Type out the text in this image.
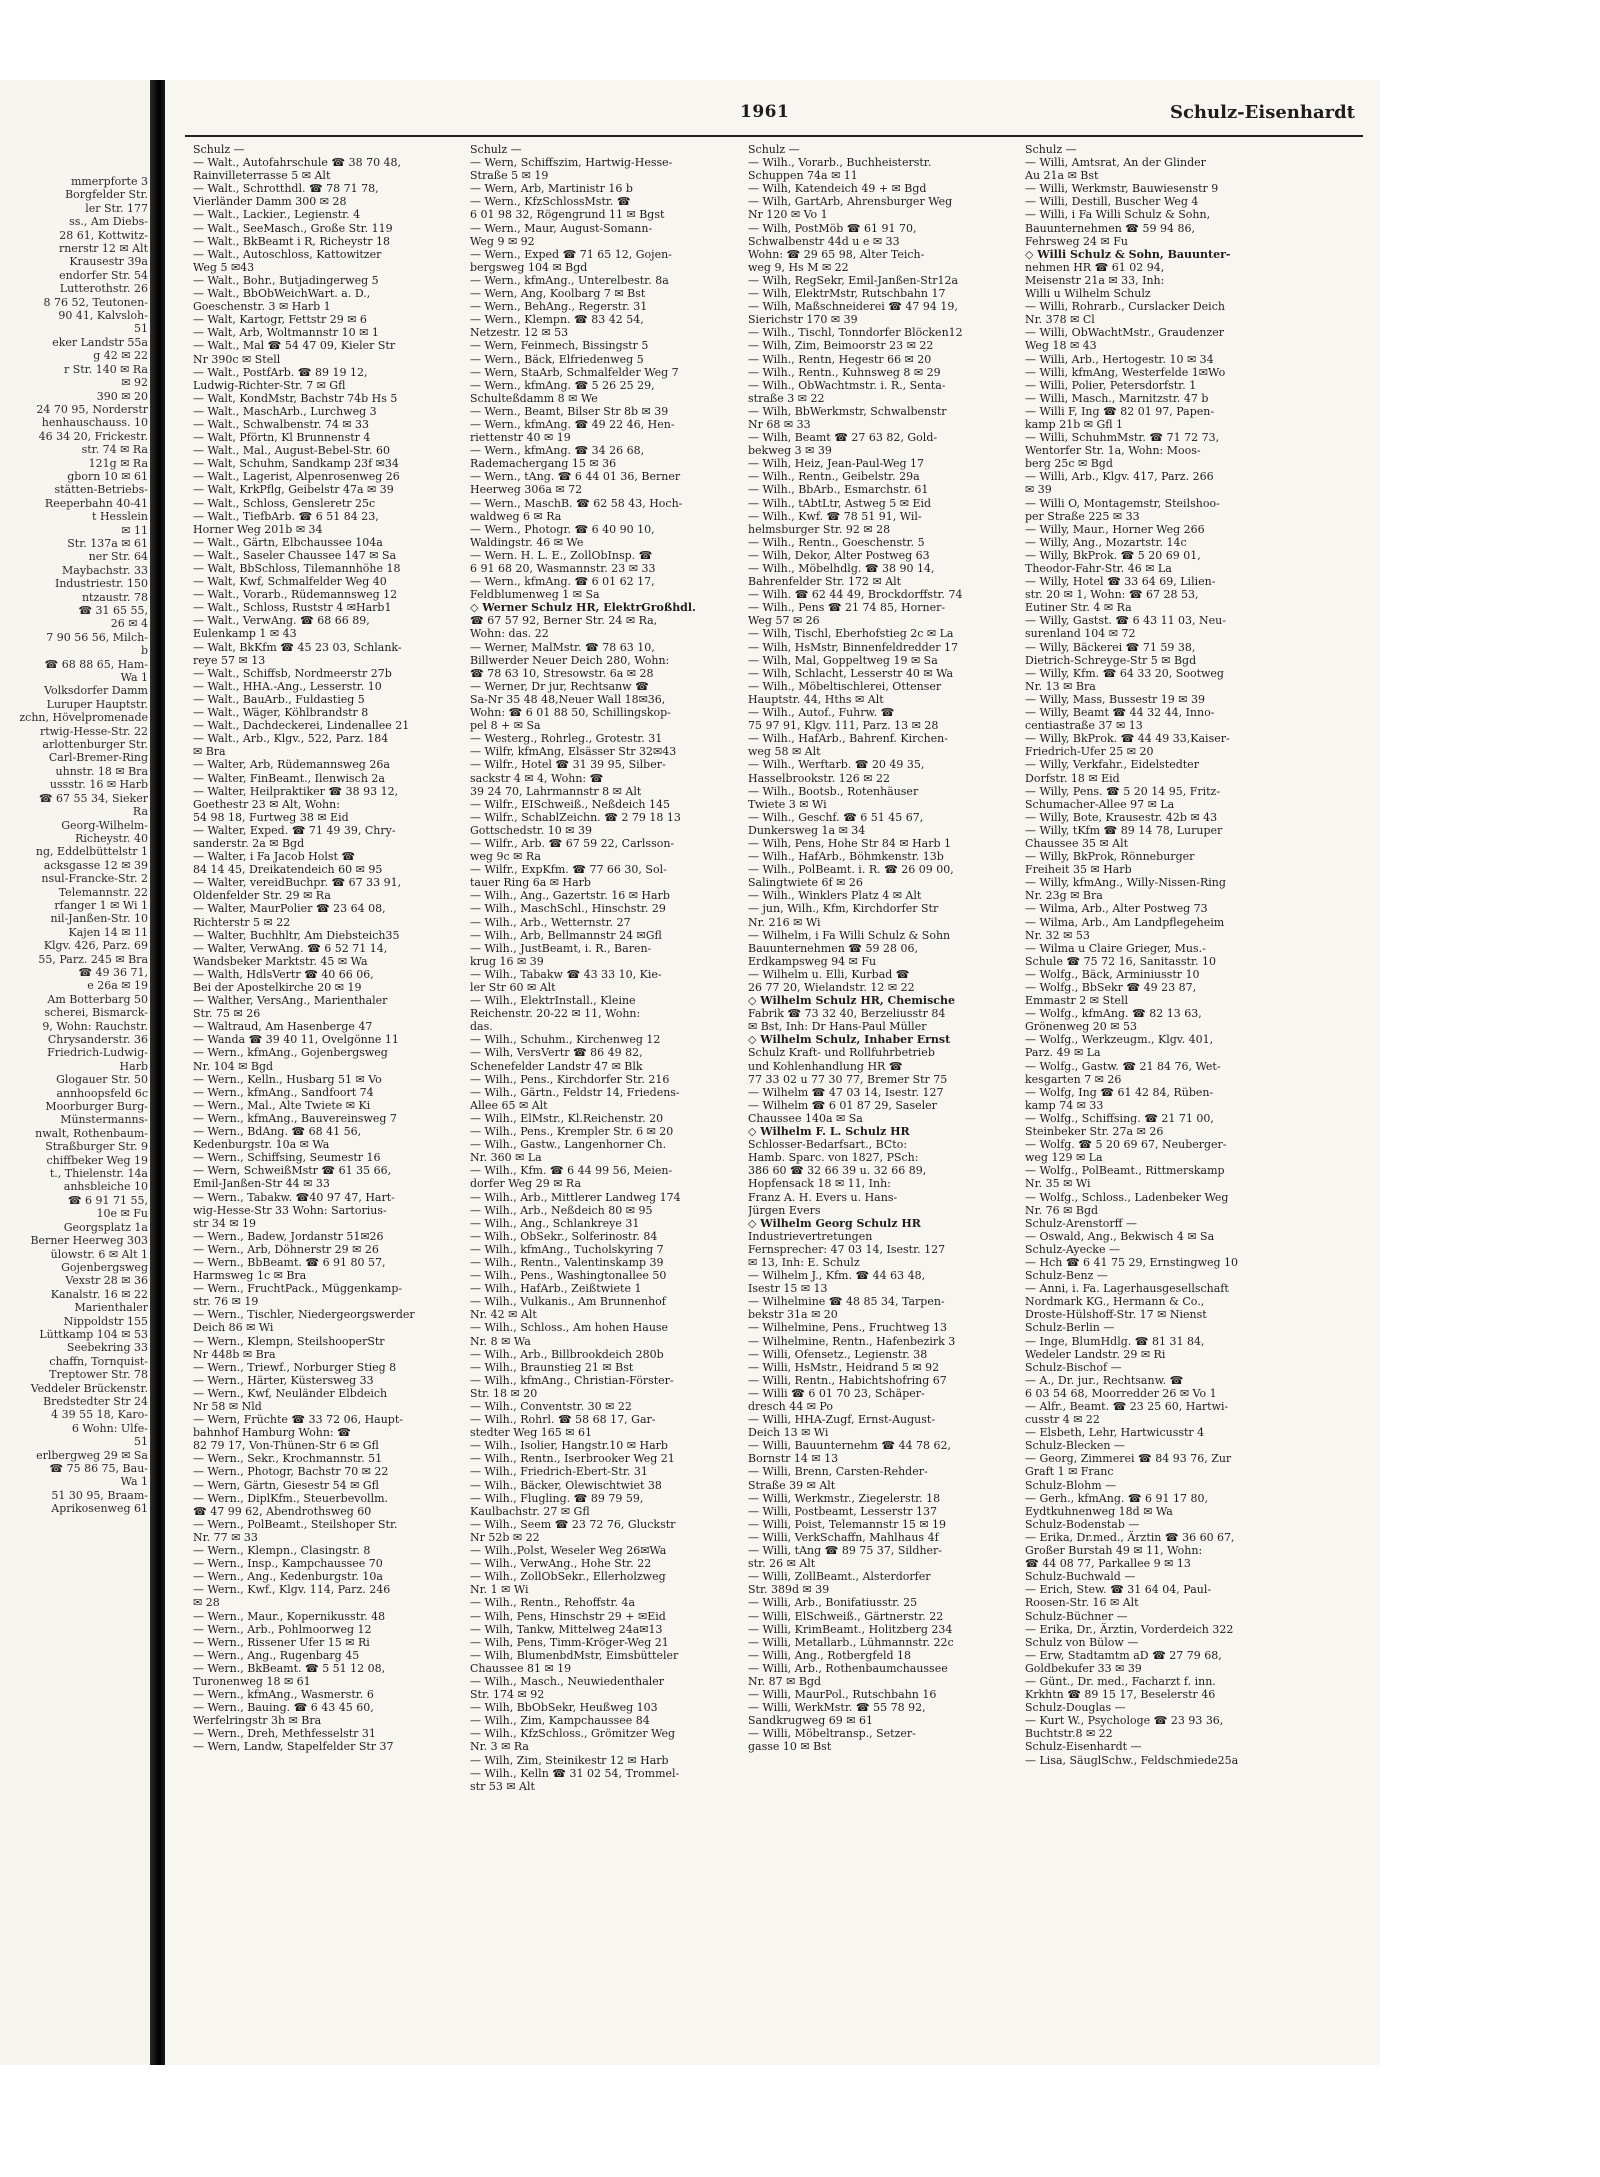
mmerpforte 3
Borgfelder Str.
ler Str. 177
ss., Am Diebs-
28 61, Kottwitz-
rnerstr 12 ✉ Alt
Krausestr 39a
endorfer Str. 54
Lutterothstr. 26
8 76 52, Teutonen-
90 41, Kalvsloh-
51
eker Landstr 55a
g 42 ✉ 22
r Str. 140 ✉ Ra
✉ 92
390 ✉ 20
24 70 95, Norderstr
henhauschauss. 10
46 34 20, Frickestr.
str. 74 ✉ Ra
121g ✉ Ra
gborn 10 ✉ 61
stätten-Betriebs-
Reeperbahn 40-41
t Hesslein
✉ 11
Str. 137a ✉ 61
ner Str. 64
Maybachstr. 33
Industriestr. 150
ntzaustr. 78
☎ 31 65 55,
26 ✉ 4
7 90 56 56, Milch-
b
☎ 68 88 65, Ham-
Wa 1
Volksdorfer Damm
Luruper Hauptstr.
zchn, Hövelpromenade
rtwig-Hesse-Str. 22
arlottenburger Str.
Carl-Bremer-Ring
uhnstr. 18 ✉ Bra
ussstr. 16 ✉ Harb
☎ 67 55 34, Sieker
Ra
Georg-Wilhelm-
Richeystr. 40
ng, Eddelbüttelstr 1
acksgasse 12 ✉ 39
nsul-Francke-Str. 2
Telemannstr. 22
rfanger 1 ✉ Wi 1
nil-Janßen-Str. 10
Kajen 14 ✉ 11
Klgv. 426, Parz. 69
55, Parz. 245 ✉ Bra
☎ 49 36 71,
e 26a ✉ 19
Am Botterbarg 50
scherei, Bismarck-
9, Wohn: Rauchstr.
Chrysanderstr. 36
Friedrich-Ludwig-
Harb
Glogauer Str. 50
annhoopsfeld 6c
Moorburger Burg-
Münstermanns-
nwalt, Rothenbaum-
Straßburger Str. 9
chiffbeker Weg 19
t., Thielenstr. 14a
anhsbleiche 10
☎ 6 91 71 55,
10e ✉ Fu
Georgsplatz 1a
Berner Heerweg 303
ülowstr. 6 ✉ Alt 1
Gojenbergsweg
Vexstr 28 ✉ 36
Kanalstr. 16 ✉ 22
Marienthaler
Nippoldstr 155
Lüttkamp 104 ✉ 53
Seebekring 33
chaffn, Tornquist-
Treptower Str. 78
Veddeler Brückenstr.
Bredstedter Str 24
4 39 55 18, Karo-
6 Wohn: Ulfe-
51
erlbergweg 29 ✉ Sa
☎ 75 86 75, Bau-
Wa 1
51 30 95, Braam-
Aprikosenweg 61
1961	Schulz-Eisenhardt
Schulz —
— Walt., Autofahrschule ☎ 38 70 48,
Rainvilleterrasse 5 ✉ Alt
— Walt., Schrotthdl. ☎ 78 71 78,
Vierländer Damm 300 ✉ 28
— Walt., Lackier., Legienstr. 4
— Walt., SeeMasch., Große Str. 119
— Walt., BkBeamt i R, Richeystr 18
— Walt., Autoschloss, Kattowitzer
Weg 5 ✉43
— Walt., Bohr., Butjadingerweg 5
— Walt., BbObWeichWart. a. D.,
Goeschenstr. 3 ✉ Harb 1
— Walt, Kartogr, Fettstr 29 ✉ 6
— Walt, Arb, Woltmannstr 10 ✉ 1
— Walt., Mal ☎ 54 47 09, Kieler Str
Nr 390c ✉ Stell
— Walt., PostfArb. ☎ 89 19 12,
Ludwig-Richter-Str. 7 ✉ Gfl
— Walt, KondMstr, Bachstr 74b Hs 5
— Walt., MaschArb., Lurchweg 3
— Walt., Schwalbenstr. 74 ✉ 33
— Walt, Pförtn, Kl Brunnenstr 4
— Walt., Mal., August-Bebel-Str. 60
— Walt, Schuhm, Sandkamp 23f ✉34
— Walt., Lagerist, Alpenrosenweg 26
— Walt, KrkPflg, Geibelstr 47a ✉ 39
— Walt., Schloss, Gensleretr 25c
— Walt., TiefbArb. ☎ 6 51 84 23,
Horner Weg 201b ✉ 34
— Walt., Gärtn, Elbchaussee 104a
— Walt., Saseler Chaussee 147 ✉ Sa
— Walt, BbSchloss, Tilemannhöhe 18
— Walt, Kwf, Schmalfelder Weg 40
— Walt., Vorarb., Rüdemannsweg 12
— Walt., Schloss, Ruststr 4 ✉Harb1
— Walt., VerwAng. ☎ 68 66 89,
Eulenkamp 1 ✉ 43
— Walt, BkKfm ☎ 45 23 03, Schlank-
reye 57 ✉ 13
— Walt., Schiffsb, Nordmeerstr 27b
— Walt., HHA.-Ang., Lesserstr. 10
— Walt., BauArb., Fuldastieg 5
— Walt., Wäger, Köhlbrandstr 8
— Walt., Dachdeckerei, Lindenallee 21
— Walt., Arb., Klgv., 522, Parz. 184
✉ Bra
— Walter, Arb, Rüdemannsweg 26a
— Walter, FinBeamt., Ilenwisch 2a
— Walter, Heilpraktiker ☎ 38 93 12,
Goethestr 23 ✉ Alt, Wohn:
54 98 18, Furtweg 38 ✉ Eid
— Walter, Exped. ☎ 71 49 39, Chry-
sanderstr. 2a ✉ Bgd
— Walter, i Fa Jacob Holst ☎
84 14 45, Dreikatendeich 60 ✉ 95
— Walter, vereidBuchpr. ☎ 67 33 91,
Oldenfelder Str. 29 ✉ Ra
— Walter, MaurPolier ☎ 23 64 08,
Richterstr 5 ✉ 22
— Walter, Buchhltr, Am Diebsteich35
— Walter, VerwAng. ☎ 6 52 71 14,
Wandsbeker Marktstr. 45 ✉ Wa
— Walth, HdlsVertr ☎ 40 66 06,
Bei der Apostelkirche 20 ✉ 19
— Walther, VersAng., Marienthaler
Str. 75 ✉ 26
— Waltraud, Am Hasenberge 47
— Wanda ☎ 39 40 11, Ovelgönne 11
— Wern., kfmAng., Gojenbergsweg
Nr. 104 ✉ Bgd
— Wern., Kelln., Husbarg 51 ✉ Vo
— Wern., kfmAng., Sandfoort 74
— Wern., Mal., Alte Twiete ✉ Ki
— Wern., kfmAng., Bauvereinsweg 7
— Wern., BdAng. ☎ 68 41 56,
Kedenburgstr. 10a ✉ Wa
— Wern., Schiffsing, Seumestr 16
— Wern, SchweißMstr ☎ 61 35 66,
Emil-Janßen-Str 44 ✉ 33
— Wern., Tabakw. ☎40 97 47, Hart-
wig-Hesse-Str 33 Wohn: Sartorius-
str 34 ✉ 19
— Wern., Badew, Jordanstr 51✉26
— Wern., Arb, Döhnerstr 29 ✉ 26
— Wern., BbBeamt. ☎ 6 91 80 57,
Harmsweg 1c ✉ Bra
— Wern., FruchtPack., Müggenkamp-
str. 76 ✉ 19
— Wern., Tischler, Niedergeorgswerder
Deich 86 ✉ Wi
— Wern., Klempn, SteilshooperStr
Nr 448b ✉ Bra
— Wern., Triewf., Norburger Stieg 8
— Wern., Härter, Küstersweg 33
— Wern., Kwf, Neuländer Elbdeich
Nr 58 ✉ Nld
— Wern, Früchte ☎ 33 72 06, Haupt-
bahnhof Hamburg Wohn: ☎
82 79 17, Von-Thünen-Str 6 ✉ Gfl
— Wern., Sekr., Krochmannstr. 51
— Wern., Photogr, Bachstr 70 ✉ 22
— Wern, Gärtn, Giesestr 54 ✉ Gfl
— Wern., DiplKfm., Steuerbevollm.
☎ 47 99 62, Abendrothsweg 60
— Wern., PolBeamt., Steilshoper Str.
Nr. 77 ✉ 33
— Wern., Klempn., Clasingstr. 8
— Wern., Insp., Kampchaussee 70
— Wern., Ang., Kedenburgstr. 10a
— Wern., Kwf., Klgv. 114, Parz. 246
✉ 28
— Wern., Maur., Kopernikusstr. 48
— Wern., Arb., Pohlmoorweg 12
— Wern., Rissener Ufer 15 ✉ Ri
— Wern., Ang., Rugenbarg 45
— Wern., BkBeamt. ☎ 5 51 12 08,
Turonenweg 18 ✉ 61
— Wern., kfmAng., Wasmerstr. 6
— Wern., Bauing. ☎ 6 43 45 60,
Werfelringstr 3h ✉ Bra
— Wern., Dreh, Methfesselstr 31
— Wern, Landw, Stapelfelder Str 37
Schulz —
— Wern, Schiffszim, Hartwig-Hesse-
Straße 5 ✉ 19
— Wern, Arb, Martinistr 16 b
— Wern., KfzSchlossMstr. ☎
6 01 98 32, Rögengrund 11 ✉ Bgst
— Wern., Maur, August-Somann-
Weg 9 ✉ 92
— Wern., Exped ☎ 71 65 12, Gojen-
bergsweg 104 ✉ Bgd
— Wern., kfmAng., Unterelbestr. 8a
— Wern, Ang, Koolbarg 7 ✉ Bst
— Wern., BehAng., Regerstr. 31
— Wern., Klempn. ☎ 83 42 54,
Netzestr. 12 ✉ 53
— Wern, Feinmech, Bissingstr 5
— Wern., Bäck, Elfriedenweg 5
— Wern, StaArb, Schmalfelder Weg 7
— Wern., kfmAng. ☎ 5 26 25 29,
Schulteßdamm 8 ✉ We
— Wern., Beamt, Bilser Str 8b ✉ 39
— Wern., kfmAng. ☎ 49 22 46, Hen-
riettenstr 40 ✉ 19
— Wern., kfmAng. ☎ 34 26 68,
Rademachergang 15 ✉ 36
— Wern., tAng. ☎ 6 44 01 36, Berner
Heerweg 306a ✉ 72
— Wern., MaschB. ☎ 62 58 43, Hoch-
waldweg 6 ✉ Ra
— Wern., Photogr. ☎ 6 40 90 10,
Waldingstr. 46 ✉ We
— Wern. H. L. E., ZollObInsp. ☎
6 91 68 20, Wasmannstr. 23 ✉ 33
— Wern., kfmAng. ☎ 6 01 62 17,
Feldblumenweg 1 ✉ Sa
◇ Werner Schulz HR, ElektrGroßhdl.
☎ 67 57 92, Berner Str. 24 ✉ Ra,
Wohn: das. 22
— Werner, MalMstr. ☎ 78 63 10,
Billwerder Neuer Deich 280, Wohn:
☎ 78 63 10, Stresowstr. 6a ✉ 28
— Werner, Dr jur, Rechtsanw ☎
Sa-Nr 35 48 48,Neuer Wall 18✉36,
Wohn: ☎ 6 01 88 50, Schillingskop-
pel 8 + ✉ Sa
— Westerg., Rohrleg., Grotestr. 31
— Wilfr, kfmAng, Elsässer Str 32✉43
— Wilfr., Hotel ☎ 31 39 95, Silber-
sackstr 4 ✉ 4, Wohn: ☎
39 24 70, Lahrmannstr 8 ✉ Alt
— Wilfr., EISchweiß., Neßdeich 145
— Wilfr., SchablZeichn. ☎ 2 79 18 13
Gottschedstr. 10 ✉ 39
— Wilfr., Arb. ☎ 67 59 22, Carlsson-
weg 9c ✉ Ra
— Wilfr., ExpKfm. ☎ 77 66 30, Sol-
tauer Ring 6a ✉ Harb
— Wilh., Ang., Gazertstr. 16 ✉ Harb
— Wilh., MaschSchl., Hinschstr. 29
— Wilh., Arb., Wetternstr. 27
— Wilh., Arb, Bellmannstr 24 ✉Gfl
— Wilh., JustBeamt, i. R., Baren-
krug 16 ✉ 39
— Wilh., Tabakw ☎ 43 33 10, Kie-
ler Str 60 ✉ Alt
— Wilh., ElektrInstall., Kleine
Reichenstr. 20-22 ✉ 11, Wohn:
das.
— Wilh., Schuhm., Kirchenweg 12
— Wilh, VersVertr ☎ 86 49 82,
Schenefelder Landstr 47 ✉ Blk
— Wilh., Pens., Kirchdorfer Str. 216
— Wilh., Gärtn., Feldstr 14, Friedens-
Allee 65 ✉ Alt
— Wilh., ElMstr., Kl.Reichenstr. 20
— Wilh., Pens., Krempler Str. 6 ✉ 20
— Wilh., Gastw., Langenhorner Ch.
Nr. 360 ✉ La
— Wilh., Kfm. ☎ 6 44 99 56, Meien-
dorfer Weg 29 ✉ Ra
— Wilh., Arb., Mittlerer Landweg 174
— Wilh., Arb., Neßdeich 80 ✉ 95
— Wilh., Ang., Schlankreye 31
— Wilh., ObSekr., Solferinostr. 84
— Wilh., kfmAng., Tucholskyring 7
— Wilh., Rentn., Valentinskamp 39
— Wilh., Pens., Washingtonallee 50
— Wilh., HafArb., Zeißtwiete 1
— Wilh., Vulkanis., Am Brunnenhof
Nr. 42 ✉ Alt
— Wilh., Schloss., Am hohen Hause
Nr. 8 ✉ Wa
— Wilh., Arb., Billbrookdeich 280b
— Wilh., Braunstieg 21 ✉ Bst
— Wilh., kfmAng., Christian-Förster-
Str. 18 ✉ 20
— Wilh., Conventstr. 30 ✉ 22
— Wilh., Rohrl. ☎ 58 68 17, Gar-
stedter Weg 165 ✉ 61
— Wilh., Isolier, Hangstr.10 ✉ Harb
— Wilh., Rentn., Iserbrooker Weg 21
— Wilh., Friedrich-Ebert-Str. 31
— Wilh., Bäcker, Olewischtwiet 38
— Wilh., Flugling. ☎ 89 79 59,
Kaulbachstr. 27 ✉ Gfl
— Wilh., Seem ☎ 23 72 76, Gluckstr
Nr 52b ✉ 22
— Wilh.,Polst, Weseler Weg 26✉Wa
— Wilh., VerwAng., Hohe Str. 22
— Wilh., ZollObSekr., Ellerholzweg
Nr. 1 ✉ Wi
— Wilh., Rentn., Rehoffstr. 4a
— Wilh, Pens, Hinschstr 29 + ✉Eid
— Wilh, Tankw, Mittelweg 24a✉13
— Wilh, Pens, Timm-Kröger-Weg 21
— Wilh, BlumenbdMstr, Eimsbütteler
Chaussee 81 ✉ 19
— Wilh., Masch., Neuwiedenthaler
Str. 174 ✉ 92
— Wilh, BbObSekr, Heußweg 103
— Wilh., Zim, Kampchaussee 84
— Wilh., KfzSchloss., Grömitzer Weg
Nr. 3 ✉ Ra
— Wilh, Zim, Steinikestr 12 ✉ Harb
— Wilh., Kelln ☎ 31 02 54, Trommel-
str 53 ✉ Alt
Schulz —
— Wilh., Vorarb., Buchheisterstr.
Schuppen 74a ✉ 11
— Wilh, Katendeich 49 + ✉ Bgd
— Wilh, GartArb, Ahrensburger Weg
Nr 120 ✉ Vo 1
— Wilh, PostMöb ☎ 61 91 70,
Schwalbenstr 44d u e ✉ 33
Wohn: ☎ 29 65 98, Alter Teich-
weg 9, Hs M ✉ 22
— Wilh, RegSekr, Emil-Janßen-Str12a
— Wilh, ElektrMstr, Rutschbahn 17
— Wilh, Maßschneiderei ☎ 47 94 19,
Sierichstr 170 ✉ 39
— Wilh., Tischl, Tonndorfer Blöcken12
— Wilh, Zim, Beimoorstr 23 ✉ 22
— Wilh., Rentn, Hegestr 66 ✉ 20
— Wilh., Rentn., Kuhnsweg 8 ✉ 29
— Wilh., ObWachtmstr. i. R., Senta-
straße 3 ✉ 22
— Wilh, BbWerkmstr, Schwalbenstr
Nr 68 ✉ 33
— Wilh, Beamt ☎ 27 63 82, Gold-
bekweg 3 ✉ 39
— Wilh, Heiz, Jean-Paul-Weg 17
— Wilh., Rentn., Geibelstr. 29a
— Wilh., BbArb., Esmarchstr. 61
— Wilh., tAbtLtr, Astweg 5 ✉ Eid
— Wilh., Kwf. ☎ 78 51 91, Wil-
helmsburger Str. 92 ✉ 28
— Wilh., Rentn., Goeschenstr. 5
— Wilh, Dekor, Alter Postweg 63
— Wilh., Möbelhdlg. ☎ 38 90 14,
Bahrenfelder Str. 172 ✉ Alt
— Wilh. ☎ 62 44 49, Brockdorffstr. 74
— Wilh., Pens ☎ 21 74 85, Horner-
Weg 57 ✉ 26
— Wilh, Tischl, Eberhofstieg 2c ✉ La
— Wilh, HsMstr, Binnenfeldredder 17
— Wilh, Mal, Goppeltweg 19 ✉ Sa
— Wilh, Schlacht, Lesserstr 40 ✉ Wa
— Wilh., Möbeltischlerei, Ottenser
Hauptstr. 44, Hths ✉ Alt
— Wilh., Autof., Fuhrw. ☎
75 97 91, Klgv. 111, Parz. 13 ✉ 28
— Wilh., HafArb., Bahrenf. Kirchen-
weg 58 ✉ Alt
— Wilh., Werftarb. ☎ 20 49 35,
Hasselbrookstr. 126 ✉ 22
— Wilh., Bootsb., Rotenhäuser
Twiete 3 ✉ Wi
— Wilh., Geschf. ☎ 6 51 45 67,
Dunkersweg 1a ✉ 34
— Wilh, Pens, Hohe Str 84 ✉ Harb 1
— Wilh., HafArb., Böhmkenstr. 13b
— Wilh., PolBeamt. i. R. ☎ 26 09 00,
Salingtwiete 6f ✉ 26
— Wilh., Winklers Platz 4 ✉ Alt
— jun, Wilh., Kfm, Kirchdorfer Str
Nr. 216 ✉ Wi
— Wilhelm, i Fa Willi Schulz & Sohn
Bauunternehmen ☎ 59 28 06,
Erdkampsweg 94 ✉ Fu
— Wilhelm u. Elli, Kurbad ☎
26 77 20, Wielandstr. 12 ✉ 22
◇ Wilhelm Schulz HR, Chemische
Fabrik ☎ 73 32 40, Berzeliusstr 84
✉ Bst, Inh: Dr Hans-Paul Müller
◇ Wilhelm Schulz, Inhaber Ernst
Schulz Kraft- und Rollfuhrbetrieb
und Kohlenhandlung HR ☎
77 33 02 u 77 30 77, Bremer Str 75
— Wilhelm ☎ 47 03 14, Isestr. 127
— Wilhelm ☎ 6 01 87 29, Saseler
Chaussee 140a ✉ Sa
◇ Wilhelm F. L. Schulz HR
Schlosser-Bedarfsart., BCto:
Hamb. Sparc. von 1827, PSch:
386 60 ☎ 32 66 39 u. 32 66 89,
Hopfensack 18 ✉ 11, Inh:
Franz A. H. Evers u. Hans-
Jürgen Evers
◇ Wilhelm Georg Schulz HR
Industrievertretungen
Fernsprecher: 47 03 14, Isestr. 127
✉ 13, Inh: E. Schulz
— Wilhelm J., Kfm. ☎ 44 63 48,
Isestr 15 ✉ 13
— Wilhelmine ☎ 48 85 34, Tarpen-
bekstr 31a ✉ 20
— Wilhelmine, Pens., Fruchtweg 13
— Wilhelmine, Rentn., Hafenbezirk 3
— Willi, Ofensetz., Legienstr. 38
— Willi, HsMstr., Heidrand 5 ✉ 92
— Willi, Rentn., Habichtshofring 67
— Willi ☎ 6 01 70 23, Schäper-
dresch 44 ✉ Po
— Willi, HHA-Zugf, Ernst-August-
Deich 13 ✉ Wi
— Willi, Bauunternehm ☎ 44 78 62,
Bornstr 14 ✉ 13
— Willi, Brenn, Carsten-Rehder-
Straße 39 ✉ Alt
— Willi, Werkmstr., Ziegelerstr. 18
— Willi, Postbeamt, Lesserstr 137
— Willi, Poist, Telemannstr 15 ✉ 19
— Willi, VerkSchaffn, Mahlhaus 4f
— Willi, tAng ☎ 89 75 37, Sildher-
str. 26 ✉ Alt
— Willi, ZollBeamt., Alsterdorfer
Str. 389d ✉ 39
— Willi, Arb., Bonifatiusstr. 25
— Willi, ElSchweiß., Gärtnerstr. 22
— Willi, KrimBeamt., Holitzberg 234
— Willi, Metallarb., Lühmannstr. 22c
— Willi, Ang., Rotbergfeld 18
— Willi, Arb., Rothenbaumchaussee
Nr. 87 ✉ Bgd
— Willi, MaurPol., Rutschbahn 16
— Willi, WerkMstr. ☎ 55 78 92,
Sandkrugweg 69 ✉ 61
— Willi, Möbeltransp., Setzer-
gasse 10 ✉ Bst
Schulz —
— Willi, Amtsrat, An der Glinder
Au 21a ✉ Bst
— Willi, Werkmstr, Bauwiesenstr 9
— Willi, Destill, Buscher Weg 4
— Willi, i Fa Willi Schulz & Sohn,
Bauunternehmen ☎ 59 94 86,
Fehrsweg 24 ✉ Fu
◇ Willi Schulz & Sohn, Bauunter-
nehmen HR ☎ 61 02 94,
Meisenstr 21a ✉ 33, Inh:
Willi u Wilhelm Schulz
— Willi, Rohrarb., Curslacker Deich
Nr. 378 ✉ Cl
— Willi, ObWachtMstr., Graudenzer
Weg 18 ✉ 43
— Willi, Arb., Hertogestr. 10 ✉ 34
— Willi, kfmAng, Westerfelde 1✉Wo
— Willi, Polier, Petersdorfstr. 1
— Willi, Masch., Marnitzstr. 47 b
— Willi F, Ing ☎ 82 01 97, Papen-
kamp 21b ✉ Gfl 1
— Willi, SchuhmMstr. ☎ 71 72 73,
Wentorfer Str. 1a, Wohn: Moos-
berg 25c ✉ Bgd
— Willi, Arb., Klgv. 417, Parz. 266
✉ 39
— Willi O, Montagemstr, Steilshoo-
per Straße 225 ✉ 33
— Willy, Maur., Horner Weg 266
— Willy, Ang., Mozartstr. 14c
— Willy, BkProk. ☎ 5 20 69 01,
Theodor-Fahr-Str. 46 ✉ La
— Willy, Hotel ☎ 33 64 69, Lilien-
str. 20 ✉ 1, Wohn: ☎ 67 28 53,
Eutiner Str. 4 ✉ Ra
— Willy, Gastst. ☎ 6 43 11 03, Neu-
surenland 104 ✉ 72
— Willy, Bäckerei ☎ 71 59 38,
Dietrich-Schreyge-Str 5 ✉ Bgd
— Willy, Kfm. ☎ 64 33 20, Sootweg
Nr. 13 ✉ Bra
— Willy, Mass, Bussestr 19 ✉ 39
— Willy, Beamt ☎ 44 32 44, Inno-
centiastraße 37 ✉ 13
— Willy, BkProk. ☎ 44 49 33,Kaiser-
Friedrich-Ufer 25 ✉ 20
— Willy, Verkfahr., Eidelstedter
Dorfstr. 18 ✉ Eid
— Willy, Pens. ☎ 5 20 14 95, Fritz-
Schumacher-Allee 97 ✉ La
— Willy, Bote, Krausestr. 42b ✉ 43
— Willy, tKfm ☎ 89 14 78, Luruper
Chaussee 35 ✉ Alt
— Willy, BkProk, Rönneburger
Freiheit 35 ✉ Harb
— Willy, kfmAng., Willy-Nissen-Ring
Nr. 23g ✉ Bra
— Wilma, Arb., Alter Postweg 73
— Wilma, Arb., Am Landpflegeheim
Nr. 32 ✉ 53
— Wilma u Claire Grieger, Mus.-
Schule ☎ 75 72 16, Sanitasstr. 10
— Wolfg., Bäck, Arminiusstr 10
— Wolfg., BbSekr ☎ 49 23 87,
Emmastr 2 ✉ Stell
— Wolfg., kfmAng. ☎ 82 13 63,
Grönenweg 20 ✉ 53
— Wolfg., Werkzeugm., Klgv. 401,
Parz. 49 ✉ La
— Wolfg., Gastw. ☎ 21 84 76, Wet-
kesgarten 7 ✉ 26
— Wolfg, Ing ☎ 61 42 84, Rüben-
kamp 74 ✉ 33
— Wolfg., Schiffsing. ☎ 21 71 00,
Steinbeker Str. 27a ✉ 26
— Wolfg. ☎ 5 20 69 67, Neuberger-
weg 129 ✉ La
— Wolfg., PolBeamt., Rittmerskamp
Nr. 35 ✉ Wi
— Wolfg., Schloss., Ladenbeker Weg
Nr. 76 ✉ Bgd
Schulz-Arenstorff —
— Oswald, Ang., Bekwisch 4 ✉ Sa
Schulz-Ayecke —
— Hch ☎ 6 41 75 29, Ernstingweg 10
Schulz-Benz —
— Anni, i. Fa. Lagerhausgesellschaft
Nordmark KG., Hermann & Co.,
Droste-Hülshoff-Str. 17 ✉ Nienst
Schulz-Berlin —
— Inge, BlumHdlg. ☎ 81 31 84,
Wedeler Landstr. 29 ✉ Ri
Schulz-Bischof —
— A., Dr. jur., Rechtsanw. ☎
6 03 54 68, Moorredder 26 ✉ Vo 1
— Alfr., Beamt. ☎ 23 25 60, Hartwi-
cusstr 4 ✉ 22
— Elsbeth, Lehr, Hartwicusstr 4
Schulz-Blecken —
— Georg, Zimmerei ☎ 84 93 76, Zur
Graft 1 ✉ Franc
Schulz-Blohm —
— Gerh., kfmAng. ☎ 6 91 17 80,
Eydtkuhnenweg 18d ✉ Wa
Schulz-Bodenstab —
— Erika, Dr.med., Ärztin ☎ 36 60 67,
Großer Burstah 49 ✉ 11, Wohn:
☎ 44 08 77, Parkallee 9 ✉ 13
Schulz-Buchwald —
— Erich, Stew. ☎ 31 64 04, Paul-
Roosen-Str. 16 ✉ Alt
Schulz-Büchner —
— Erika, Dr., Ärztin, Vorderdeich 322
Schulz von Bülow —
— Erw, Stadtamtm aD ☎ 27 79 68,
Goldbekufer 33 ✉ 39
— Günt., Dr. med., Facharzt f. inn.
Krkhtn ☎ 89 15 17, Beselerstr 46
Schulz-Douglas —
— Kurt W., Psychologe ☎ 23 93 36,
Buchtstr.8 ✉ 22
Schulz-Eisenhardt —
— Lisa, SäuglSchw., Feldschmiede25a
